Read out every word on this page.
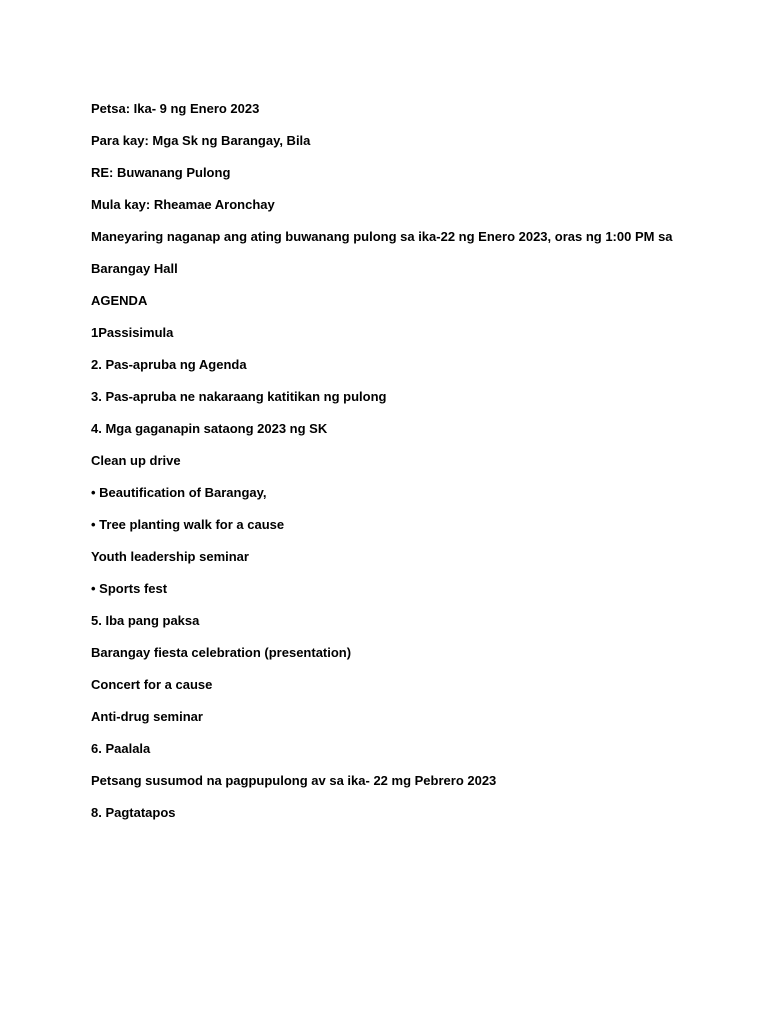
Petsa: Ika- 9 ng Enero 2023

Para kay: Mga Sk ng Barangay, Bila

RE: Buwanang Pulong

Mula kay: Rheamae Aronchay

Maneyaring naganap ang ating buwanang pulong sa ika-22 ng Enero 2023, oras ng 1:00 PM sa

Barangay Hall

AGENDA

1Passisimula

2. Pas-apruba ng Agenda

3. Pas-apruba ne nakaraang katitikan ng pulong

4. Mga gaganapin sataong 2023 ng SK

Clean up drive

• Beautification of Barangay,

• Tree planting walk for a cause

Youth leadership seminar

• Sports fest

5. Iba pang paksa

Barangay fiesta celebration (presentation)

Concert for a cause

Anti-drug seminar

6. Paalala

Petsang susumod na pagpupulong av sa ika- 22 mg Pebrero 2023

8. Pagtatapos
